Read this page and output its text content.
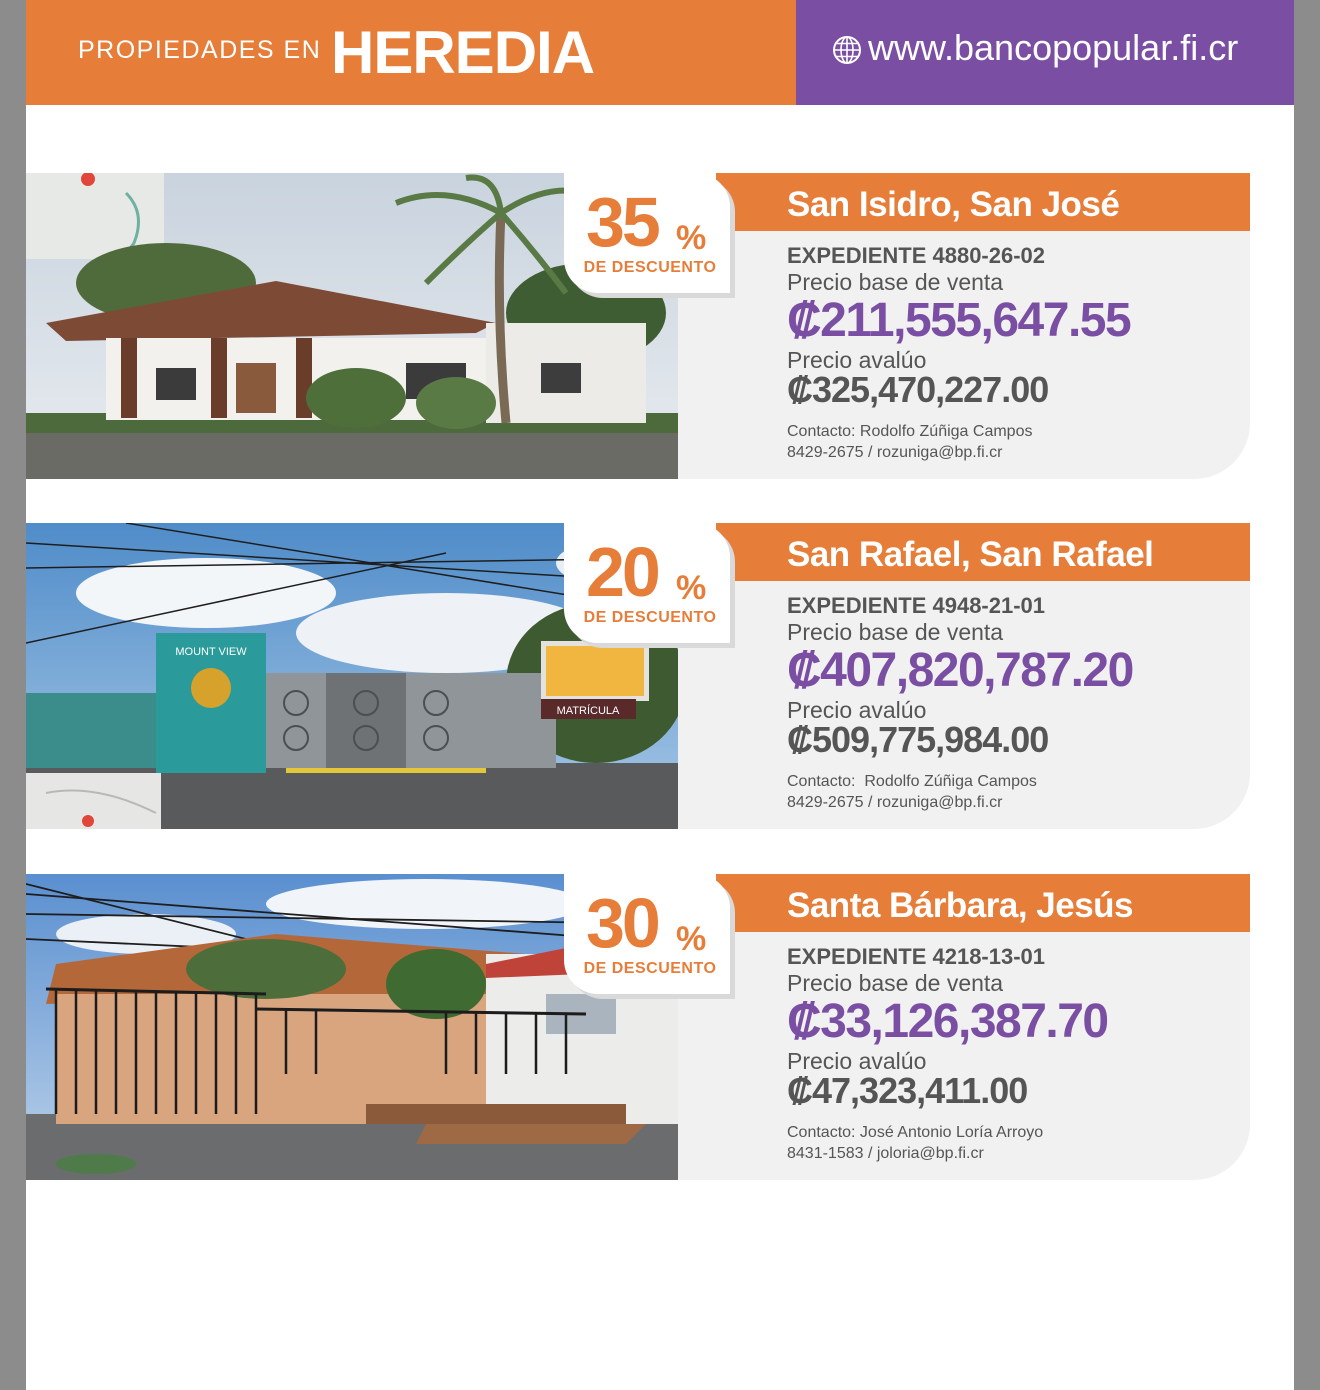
PROPIEDADES EN HEREDIA	www.bancopopular.fi.cr
San Isidro, San José
35 %
DE DESCUENTO	EXPEDIENTE 4880-26-02
Precio base de venta
₡211,555,647.55
Precio avalúo
₡325,470,227.00
Contacto: Rodolfo Zúñiga Campos
8429-2675 / rozuniga@bp.fi.cr
MOUNT VIEW
MATRÍCULA
San Rafael, San Rafael
20 %
DE DESCUENTO	EXPEDIENTE 4948-21-01
Precio base de venta
₡407,820,787.20
Precio avalúo
₡509,775,984.00
Contacto:  Rodolfo Zúñiga Campos
8429-2675 / rozuniga@bp.fi.cr
Santa Bárbara, Jesús
30 %
DE DESCUENTO	EXPEDIENTE 4218-13-01
Precio base de venta
₡33,126,387.70
Precio avalúo
₡47,323,411.00
Contacto: José Antonio Loría Arroyo
8431-1583 / joloria@bp.fi.cr
